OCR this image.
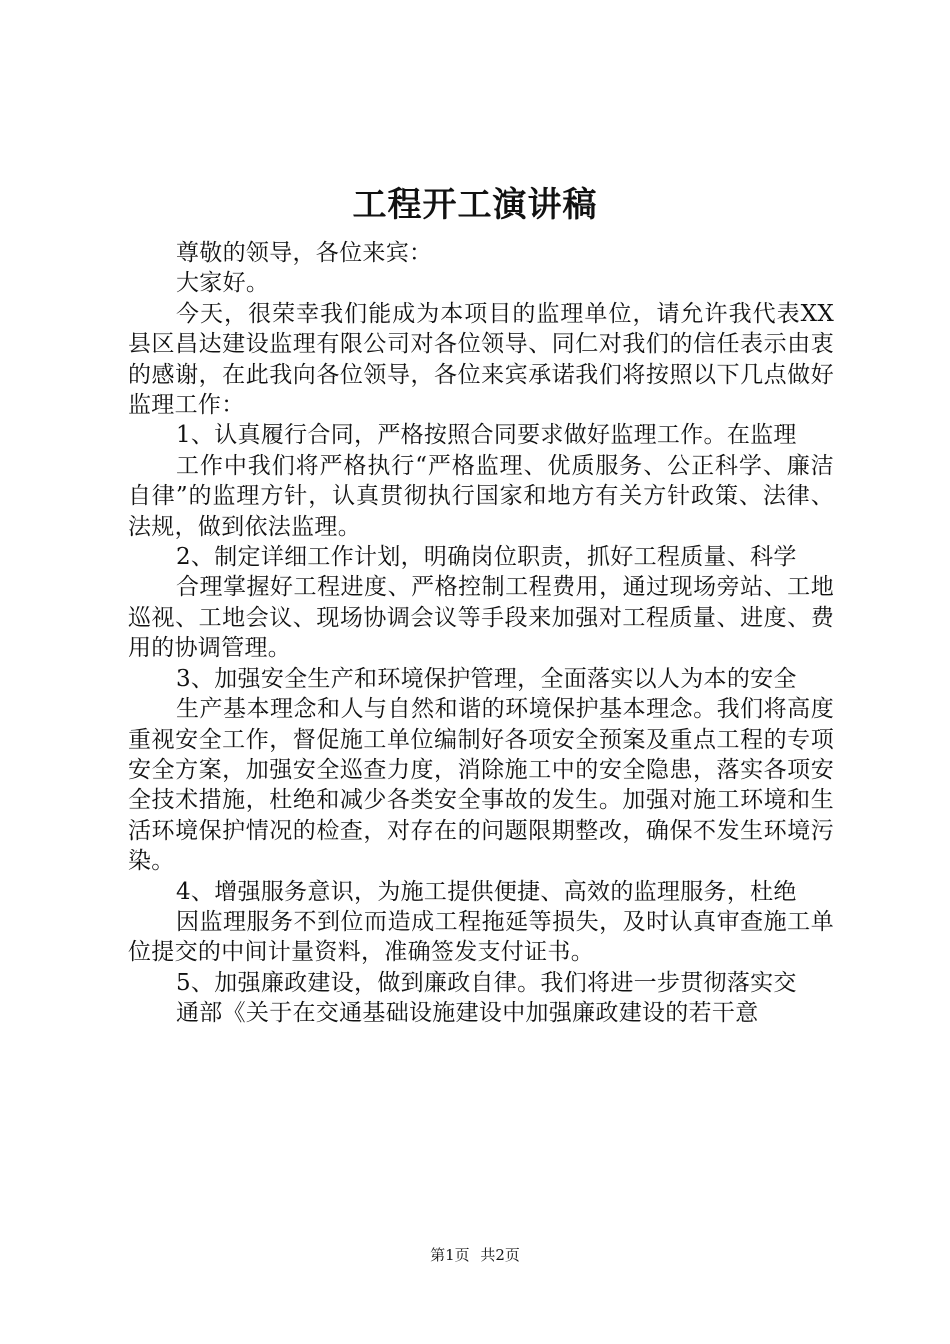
工程开工演讲稿

尊敬的领导，各位来宾：

大家好。

今天，很荣幸我们能成为本项目的监理单位，请允许我代表XX县区昌达建设监理有限公司对各位领导、同仁对我们的信任表示由衷的感谢，在此我向各位领导，各位来宾承诺我们将按照以下几点做好监理工作：

1、认真履行合同，严格按照合同要求做好监理工作。在监理

工作中我们将严格执行“严格监理、优质服务、公正科学、廉洁自律”的监理方针，认真贯彻执行国家和地方有关方针政策、法律、法规，做到依法监理。

2、制定详细工作计划，明确岗位职责，抓好工程质量、科学

合理掌握好工程进度、严格控制工程费用，通过现场旁站、工地巡视、工地会议、现场协调会议等手段来加强对工程质量、进度、费用的协调管理。

3、加强安全生产和环境保护管理，全面落实以人为本的安全

生产基本理念和人与自然和谐的环境保护基本理念。我们将高度重视安全工作，督促施工单位编制好各项安全预案及重点工程的专项安全方案，加强安全巡查力度，消除施工中的安全隐患，落实各项安全技术措施，杜绝和减少各类安全事故的发生。加强对施工环境和生活环境保护情况的检查，对存在的问题限期整改，确保不发生环境污染。

4、增强服务意识，为施工提供便捷、高效的监理服务，杜绝

因监理服务不到位而造成工程拖延等损失，及时认真审查施工单位提交的中间计量资料，准确签发支付证书。

5、加强廉政建设，做到廉政自律。我们将进一步贯彻落实交

通部《关于在交通基础设施建设中加强廉政建设的若干意

第1页 共2页
